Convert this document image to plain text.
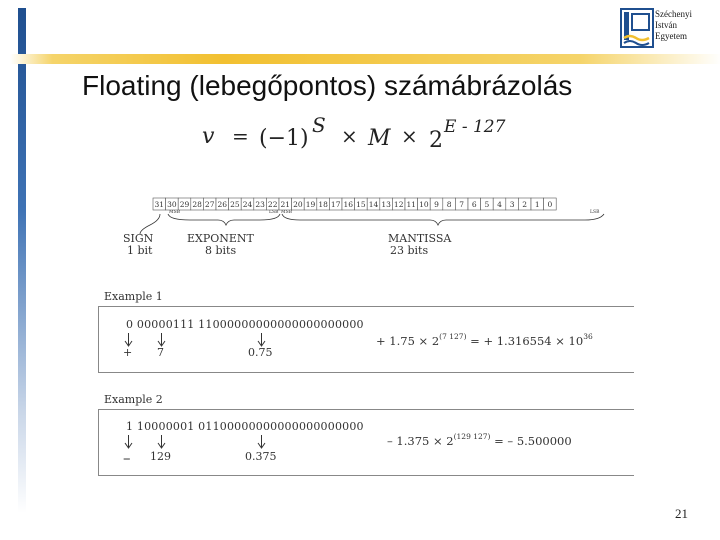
Széchenyi
István
Egyetem
Floating (lebegőpontos) számábrázolás
v = (−1)
S × M × 2
E - 127
LSB
MSB	MSB	LSB
SIGN
1 bit
EXPONENT
8 bits
MANTISSA
23 bits
31 30 29 28 27 26 25 24 23 22 21 20 19 18 17 16 15 14 13 12 11 10 9 8 7 6 5 4 3 2 1 0
Example 1
0 00000111 11000000000000000000000
+ 7	0.75
+ $1.75 \times 2^{(7 127)}$ = + $1.316554 \times 10^{36}$
Example 2
1 10000001 01100000000000000000000
– 129	0.375
– $1.375 \times 2^{(129 127)}$ = – 5.500000
21
